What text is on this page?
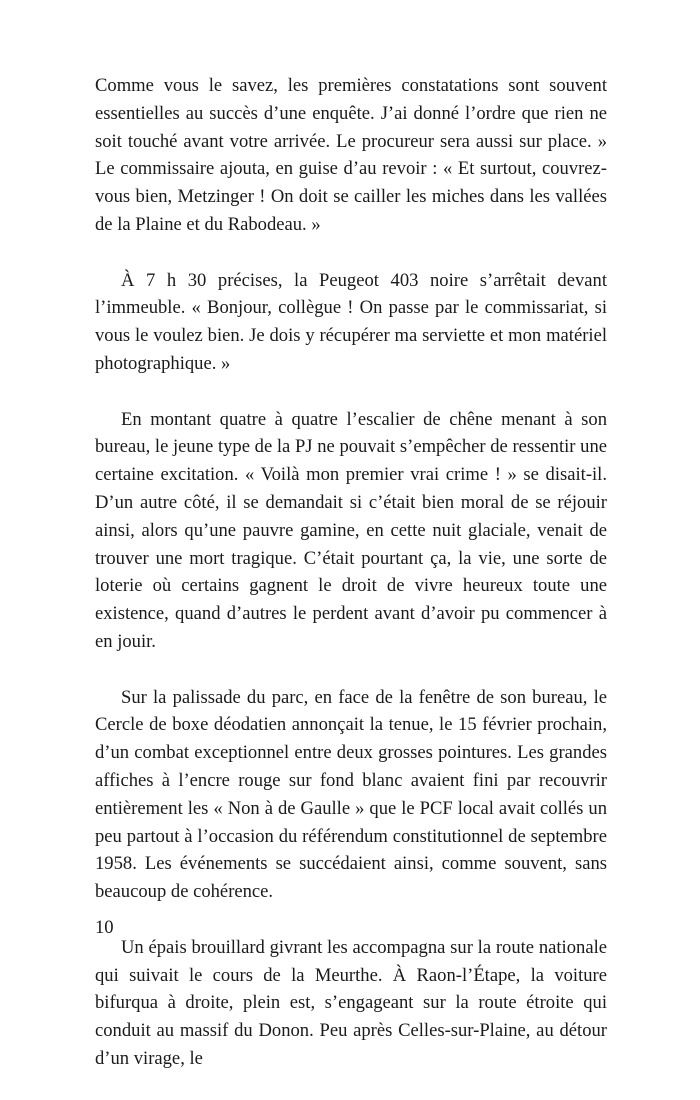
Comme vous le savez, les premières constatations sont souvent essentielles au succès d’une enquête. J’ai donné l’ordre que rien ne soit touché avant votre arrivée. Le procureur sera aussi sur place. » Le commissaire ajouta, en guise d’au revoir : « Et surtout, couvrez-vous bien, Metzinger ! On doit se cailler les miches dans les vallées de la Plaine et du Rabodeau. »

À 7 h 30 précises, la Peugeot 403 noire s’arrêtait devant l’immeuble. « Bonjour, collègue ! On passe par le commissariat, si vous le voulez bien. Je dois y récupérer ma serviette et mon matériel photographique. »

En montant quatre à quatre l’escalier de chêne menant à son bureau, le jeune type de la PJ ne pouvait s’empêcher de ressentir une certaine excitation. « Voilà mon premier vrai crime ! » se disait-il. D’un autre côté, il se demandait si c’était bien moral de se réjouir ainsi, alors qu’une pauvre gamine, en cette nuit glaciale, venait de trouver une mort tragique. C’était pourtant ça, la vie, une sorte de loterie où certains gagnent le droit de vivre heureux toute une existence, quand d’autres le perdent avant d’avoir pu commencer à en jouir.

Sur la palissade du parc, en face de la fenêtre de son bureau, le Cercle de boxe déodatien annonçait la tenue, le 15 février prochain, d’un combat exceptionnel entre deux grosses pointures. Les grandes affiches à l’encre rouge sur fond blanc avaient fini par recouvrir entièrement les « Non à de Gaulle » que le PCF local avait collés un peu partout à l’occasion du référendum constitutionnel de septembre 1958. Les événements se succédaient ainsi, comme souvent, sans beaucoup de cohérence.

Un épais brouillard givrant les accompagna sur la route nationale qui suivait le cours de la Meurthe. À Raon-l’Étape, la voiture bifurqua à droite, plein est, s’engageant sur la route étroite qui conduit au massif du Donon. Peu après Celles-sur-Plaine, au détour d’un virage, le

10
